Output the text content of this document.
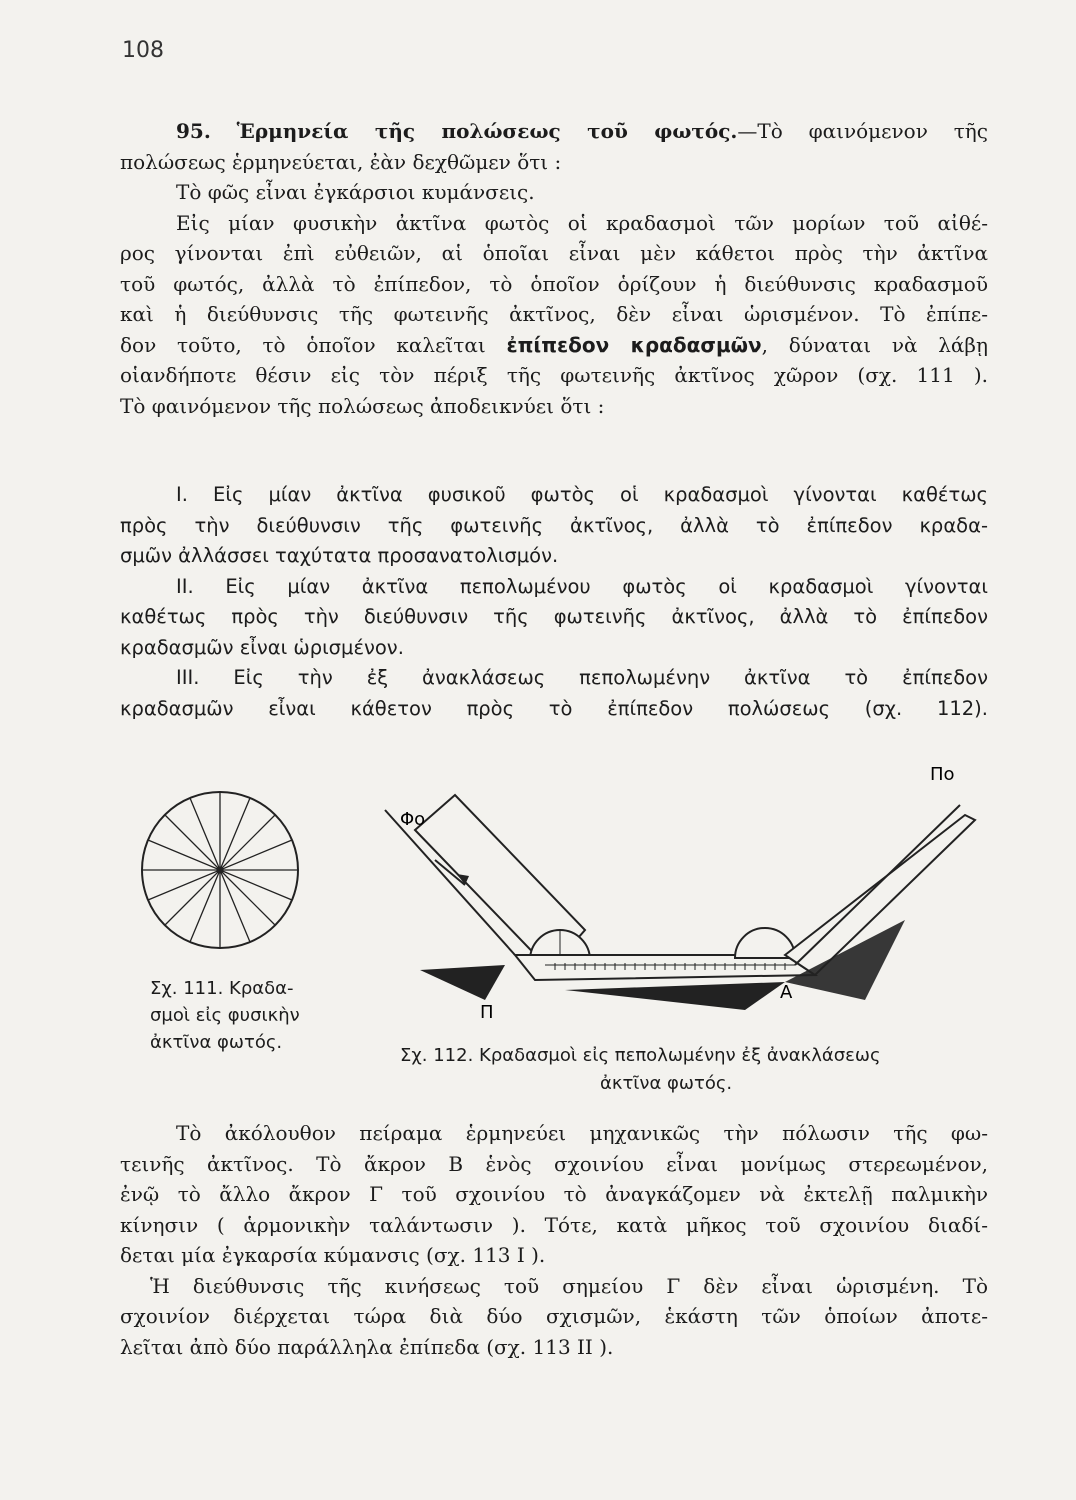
108
95. Ἑρμηνεία τῆς πολώσεως τοῦ φωτός.—Τὸ φαινόμενον τῆς
πολώσεως ἑρμηνεύεται, ἐὰν δεχθῶμεν ὅτι :
Τὸ φῶς εἶναι ἐγκάρσιοι κυμάνσεις.
Εἰς μίαν φυσικὴν ἀκτῖνα φωτὸς οἱ κραδασμοὶ τῶν μορίων τοῦ αἰθέ-
ρος γίνονται ἐπὶ εὐθειῶν, αἱ ὁποῖαι εἶναι μὲν κάθετοι πρὸς τὴν ἀκτῖνα
τοῦ φωτός, ἀλλὰ τὸ ἐπίπεδον, τὸ ὁποῖον ὁρίζουν ἡ διεύθυνσις κραδασμοῦ
καὶ ἡ διεύθυνσις τῆς φωτεινῆς ἀκτῖνος, δὲν εἶναι ὡρισμένον. Τὸ ἐπίπε-
δον τοῦτο, τὸ ὁποῖον καλεῖται ἐπίπεδον κραδασμῶν, δύναται νὰ λάβῃ
οἱανδήποτε θέσιν εἰς τὸν πέριξ τῆς φωτεινῆς ἀκτῖνος χῶρον (σχ. 111 ).
Τὸ φαινόμενον τῆς πολώσεως ἀποδεικνύει ὅτι :
I. Εἰς μίαν ἀκτῖνα φυσικοῦ φωτὸς οἱ κραδασμοὶ γίνονται καθέτως
πρὸς τὴν διεύθυνσιν τῆς φωτεινῆς ἀκτῖνος, ἀλλὰ τὸ ἐπίπεδον κραδα-
σμῶν ἀλλάσσει ταχύτατα προσανατολισμόν.
II. Εἰς μίαν ἀκτῖνα πεπολωμένου φωτὸς οἱ κραδασμοὶ γίνονται
καθέτως πρὸς τὴν διεύθυνσιν τῆς φωτεινῆς ἀκτῖνος, ἀλλὰ τὸ ἐπίπεδον
κραδασμῶν εἶναι ὡρισμένον.
III. Εἰς τὴν ἐξ ἀνακλάσεως πεπολωμένην ἀκτῖνα τὸ ἐπίπεδον
κραδασμῶν εἶναι κάθετον πρὸς τὸ ἐπίπεδον πολώσεως (σχ. 112).
Σχ. 111. Κραδα-
σμοὶ εἰς φυσικὴν
ἀκτῖνα φωτός.
Φο
Πο
Π
Α
Σχ. 112. Κραδασμοὶ εἰς πεπολωμένην ἐξ ἀνακλάσεως
ἀκτῖνα φωτός.
Τὸ ἀκόλουθον πείραμα ἑρμηνεύει μηχανικῶς τὴν πόλωσιν τῆς φω-
τεινῆς ἀκτῖνος. Τὸ ἄκρον Β ἑνὸς σχοινίου εἶναι μονίμως στερεωμένον,
ἐνῷ τὸ ἄλλο ἄκρον Γ τοῦ σχοινίου τὸ ἀναγκάζομεν νὰ ἐκτελῇ παλμικὴν
κίνησιν ( ἁρμονικὴν ταλάντωσιν ). Τότε, κατὰ μῆκος τοῦ σχοινίου διαδί-
δεται μία ἐγκαρσία κύμανσις (σχ. 113 I ).
Ἡ διεύθυνσις τῆς κινήσεως τοῦ σημείου Γ δὲν εἶναι ὡρισμένη. Τὸ
σχοινίον διέρχεται τώρα διὰ δύο σχισμῶν, ἑκάστη τῶν ὁποίων ἀποτε-
λεῖται ἀπὸ δύο παράλληλα ἐπίπεδα (σχ. 113 II ).
